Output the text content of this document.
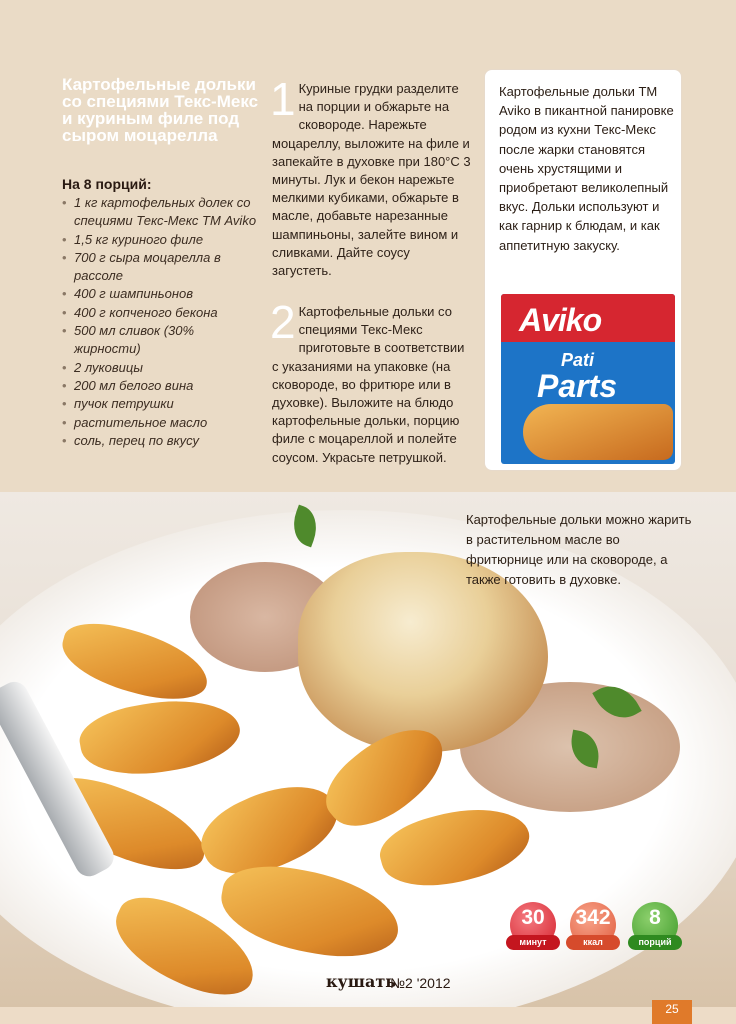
Картофельные дольки со специями Текс-Мекс и куриным филе под сыром моцарелла

На 8 порций:

• 1 кг картофельных долек со специями Текс-Мекс ТМ Aviko
• 1,5 кг куриного филе
• 700 г сыра моцарелла в рассоле
• 400 г шампиньонов
• 400 г копченого бекона
• 500 мл сливок (30% жирности)
• 2 луковицы
• 200 мл белого вина
• пучок петрушки
• растительное масло
• соль, перец по вкусу
1 Куриные грудки разделите на порции и обжарьте на сковороде. Нарежьте моцареллу, выложите на филе и запекайте в духовке при 180°С 3 минуты. Лук и бекон нарежьте мелкими кубиками, обжарьте в масле, добавьте нарезанные шампиньоны, залейте вином и сливками. Дайте соусу загустеть.
2 Картофельные дольки со специями Текс-Мекс приготовьте в соответствии с указаниями на упаковке (на сковороде, во фритюре или в духовке). Выложите на блюдо картофельные дольки, порцию филе с моцареллой и полейте соусом. Украсьте петрушкой.

Картофельные дольки ТМ Aviko в пикантной панировке родом из кухни Текс-Мекс после жарки становятся очень хрустящими и приобретают великолепный вкус. Дольки используют и как гарнир к блюдам, и как аппетитную закуску.

Aviko
Pati
Parts

Картофельные дольки можно жарить в растительном масле во фритюрнице или на сковороде, а также готовить в духовке.

30
минут
342
ккал
8
порций
кушать
№2 '2012
25
